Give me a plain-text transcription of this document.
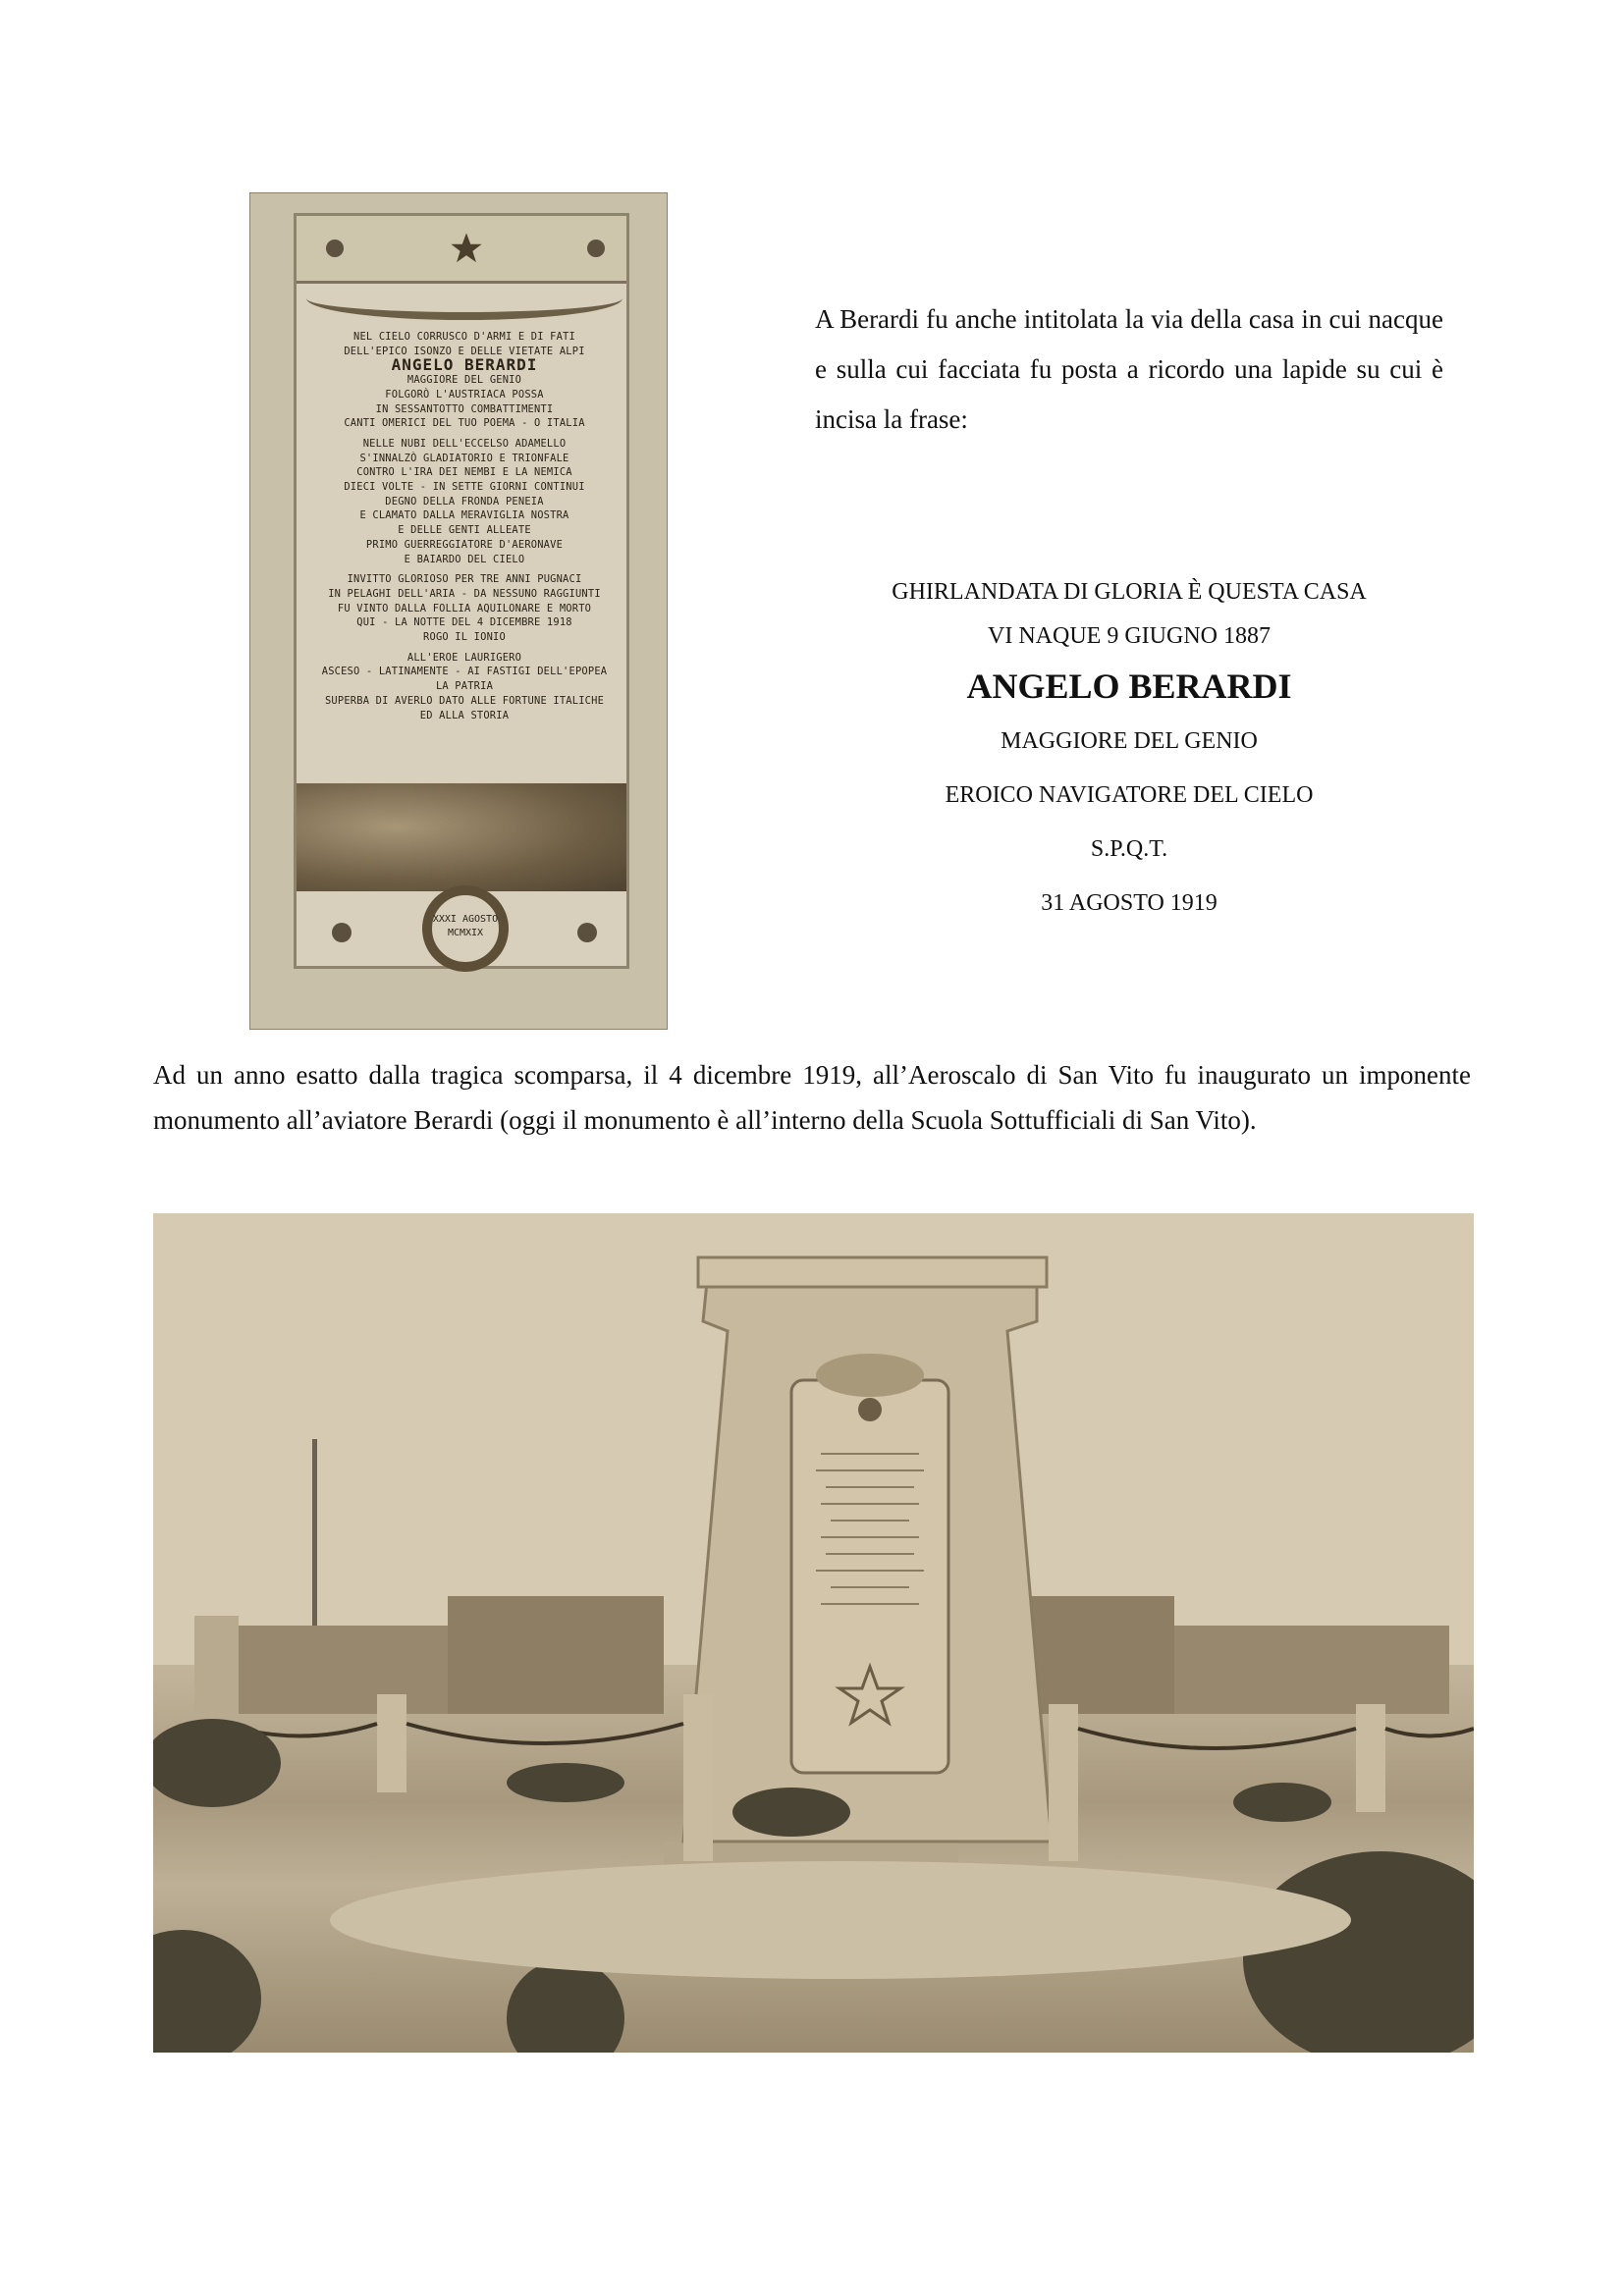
NEL CIELO CORRUSCO D'ARMI E DI FATI
DELL'EPICO ISONZO E DELLE VIETATE ALPI
ANGELO BERARDI
MAGGIORE DEL GENIO
FOLGORÒ L'AUSTRIACA POSSA
IN SESSANTOTTO COMBATTIMENTI
CANTI OMERICI DEL TUO POEMA - O ITALIA
NELLE NUBI DELL'ECCELSO ADAMELLO
S'INNALZÒ GLADIATORIO E TRIONFALE
CONTRO L'IRA DEI NEMBI E LA NEMICA
DIECI VOLTE - IN SETTE GIORNI CONTINUI
DEGNO DELLA FRONDA PENEIA
E CLAMATO DALLA MERAVIGLIA NOSTRA
E DELLE GENTI ALLEATE
PRIMO GUERREGGIATORE D'AERONAVE
E BAIARDO DEL CIELO
INVITTO GLORIOSO PER TRE ANNI PUGNACI
IN PELAGHI DELL'ARIA - DA NESSUNO RAGGIUNTI
FU VINTO DALLA FOLLIA AQUILONARE E MORTO
QUI - LA NOTTE DEL 4 DICEMBRE 1918
ROGO IL IONIO
ALL'EROE LAURIGERO
ASCESO - LATINAMENTE - AI FASTIGI DELL'EPOPEA
LA PATRIA
SUPERBA DI AVERLO DATO ALLE FORTUNE ITALICHE
ED ALLA STORIA
XXXI AGOSTO
MCMXIX

A Berardi fu anche intitolata la via della casa in cui nacque e sulla cui facciata fu posta a ricordo una lapide su cui è incisa la frase:

GHIRLANDATA DI GLORIA È QUESTA CASA
VI NAQUE 9 GIUGNO 1887
ANGELO BERARDI
MAGGIORE DEL GENIO
EROICO NAVIGATORE DEL CIELO
S.P.Q.T.
31 AGOSTO 1919

Ad un anno esatto dalla tragica scomparsa, il 4 dicembre 1919, all’Aeroscalo di San Vito fu inaugurato un imponente monumento all’aviatore Berardi (oggi il monumento è all’interno della Scuola Sottufficiali di San Vito).
